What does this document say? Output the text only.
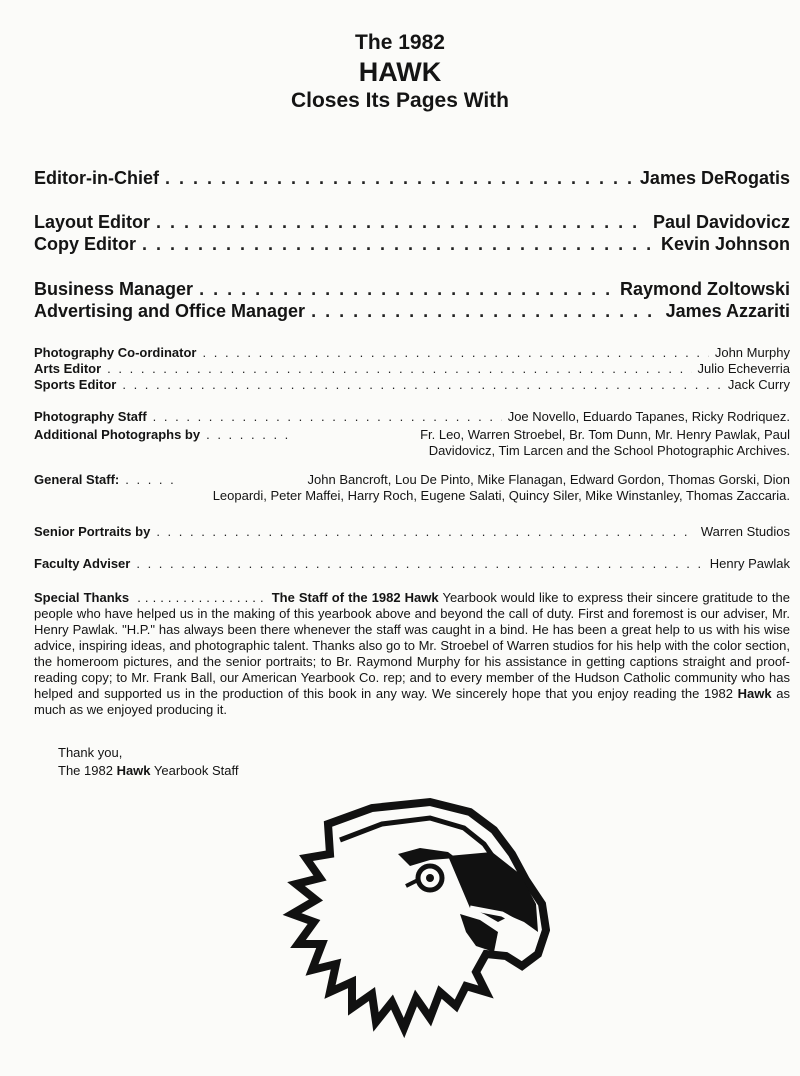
The 1982
HAWK
Closes Its Pages With
Editor-in-Chief . . .	James DeRogatis
Layout Editor . . .	Paul Davidovicz
Copy Editor . . .	Kevin Johnson
Business Manager . . .	Raymond Zoltowski
Advertising and Office Manager . . .	James Azzariti
Photography Co-ordinator . . .	John Murphy
Arts Editor . . .	Julio Echeverria
Sports Editor . . .	Jack Curry
Photography Staff . . .	Joe Novello, Eduardo Tapanes, Ricky Rodriquez.
Additional Photographs by . . .	Fr. Leo, Warren Stroebel, Br. Tom Dunn, Mr. Henry Pawlak, Paul
Davidovicz, Tim Larcen and the School Photographic Archives.
General Staff: . . .	John Bancroft, Lou De Pinto, Mike Flanagan, Edward Gordon, Thomas Gorski, Dion
Leopardi, Peter Maffei, Harry Roch, Eugene Salati, Quincy Siler, Mike Winstanley, Thomas Zaccaria.
Senior Portraits by . . .	Warren Studios
Faculty Adviser . . .	Henry Pawlak
Special Thanks  . . . . . . . . . . . . . . . . .  The Staff of the 1982 Hawk Yearbook would like to express their sincere gratitude to the people who have helped us in the making of this yearbook above and beyond the call of duty. First and foremost is our adviser, Mr. Henry Pawlak. "H.P." has always been there whenever the staff was caught in a bind. He has been a great help to us with his wise advice, inspiring ideas, and photographic talent. Thanks also go to Mr. Stroebel of Warren studios for his help with the color section, the homeroom pictures, and the senior portraits; to Br. Raymond Murphy for his assistance in getting captions straight and proof-reading copy; to Mr. Frank Ball, our American Yearbook Co. rep; and to every member of the Hudson Catholic community who has helped and supported us in the production of this book in any way. We sincerely hope that you enjoy reading the 1982 Hawk as much as we enjoyed producing it.
Thank you,
The 1982 Hawk Yearbook Staff
